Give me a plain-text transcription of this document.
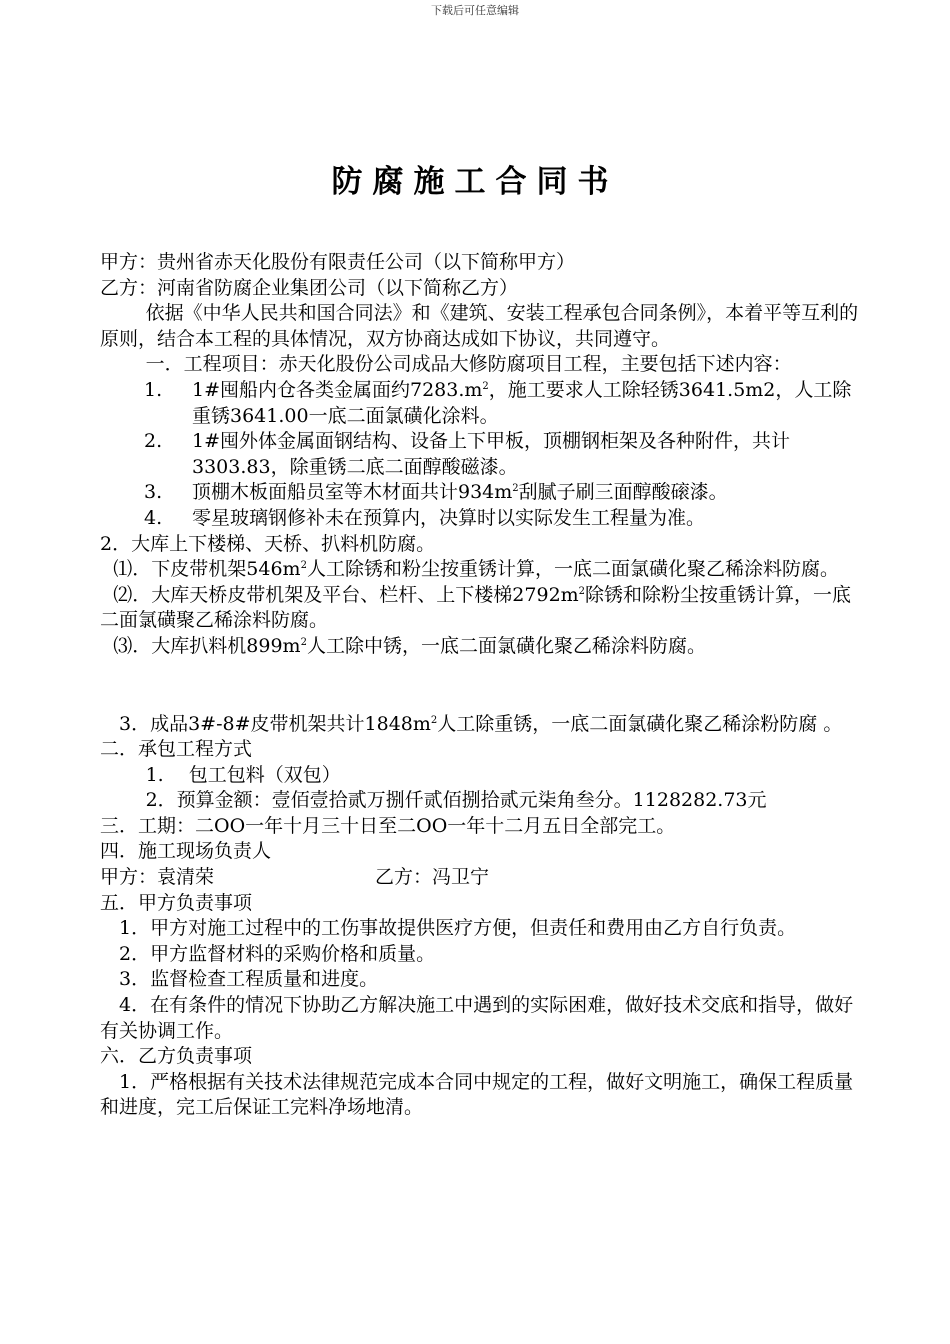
下载后可任意编辑
防腐施工合同书

甲方：贵州省赤天化股份有限责任公司（以下简称甲方）

乙方：河南省防腐企业集团公司（以下简称乙方）

依据《中华人民共和国合同法》和《建筑、安装工程承包合同条例》，本着平等互利的原则，结合本工程的具体情况，双方协商达成如下协议，共同遵守。

一．工程项目：赤天化股份公司成品大修防腐项目工程，主要包括下述内容：

1.	1#囤船内仓各类金属面约$7283.m^2$，施工要求人工除轻锈3641.5m2，人工除重锈3641.00一底二面氯磺化涂料。
2.	1#囤外体金属面钢结构、设备上下甲板，顶棚钢柜架及各种附件，共计3303.83，除重锈二底二面醇酸磁漆。
3.	顶棚木板面船员室等木材面共计$934m^2$刮腻子刷三面醇酸磙漆。
4.	零星玻璃钢修补未在预算内，决算时以实际发生工程量为准。

2．大库上下楼梯、天桥、扒料机防腐。

⑴．下皮带机架$546m^2$人工除锈和粉尘按重锈计算，一底二面氯磺化聚乙稀涂料防腐。

⑵．大库天桥皮带机架及平台、栏杆、上下楼梯$2792m^2$除锈和除粉尘按重锈计算，一底二面氯磺聚乙稀涂料防腐。

⑶．大库扒料机$899m^2$人工除中锈，一底二面氯磺化聚乙稀涂料防腐。

3．成品3#-8#皮带机架共计$1848m^2$人工除重锈，一底二面氯磺化聚乙稀涂粉防腐 。

二．承包工程方式

1.　 包工包料（双包）

2．预算金额：壹佰壹拾贰万捌仟贰佰捌拾贰元柒角叁分。1128282.73元

三．工期：二OO一年十月三十日至二OO一年十二月五日全部完工。

四．施工现场负责人

甲方：袁清荣	乙方：冯卫宁

五．甲方负责事项

1．甲方对施工过程中的工伤事故提供医疗方便，但责任和费用由乙方自行负责。

2．甲方监督材料的采购价格和质量。

3．监督检查工程质量和进度。

4．在有条件的情况下协助乙方解决施工中遇到的实际困难，做好技术交底和指导，做好有关协调工作。

六．乙方负责事项

1．严格根据有关技术法律规范完成本合同中规定的工程，做好文明施工，确保工程质量和进度，完工后保证工完料净场地清。
